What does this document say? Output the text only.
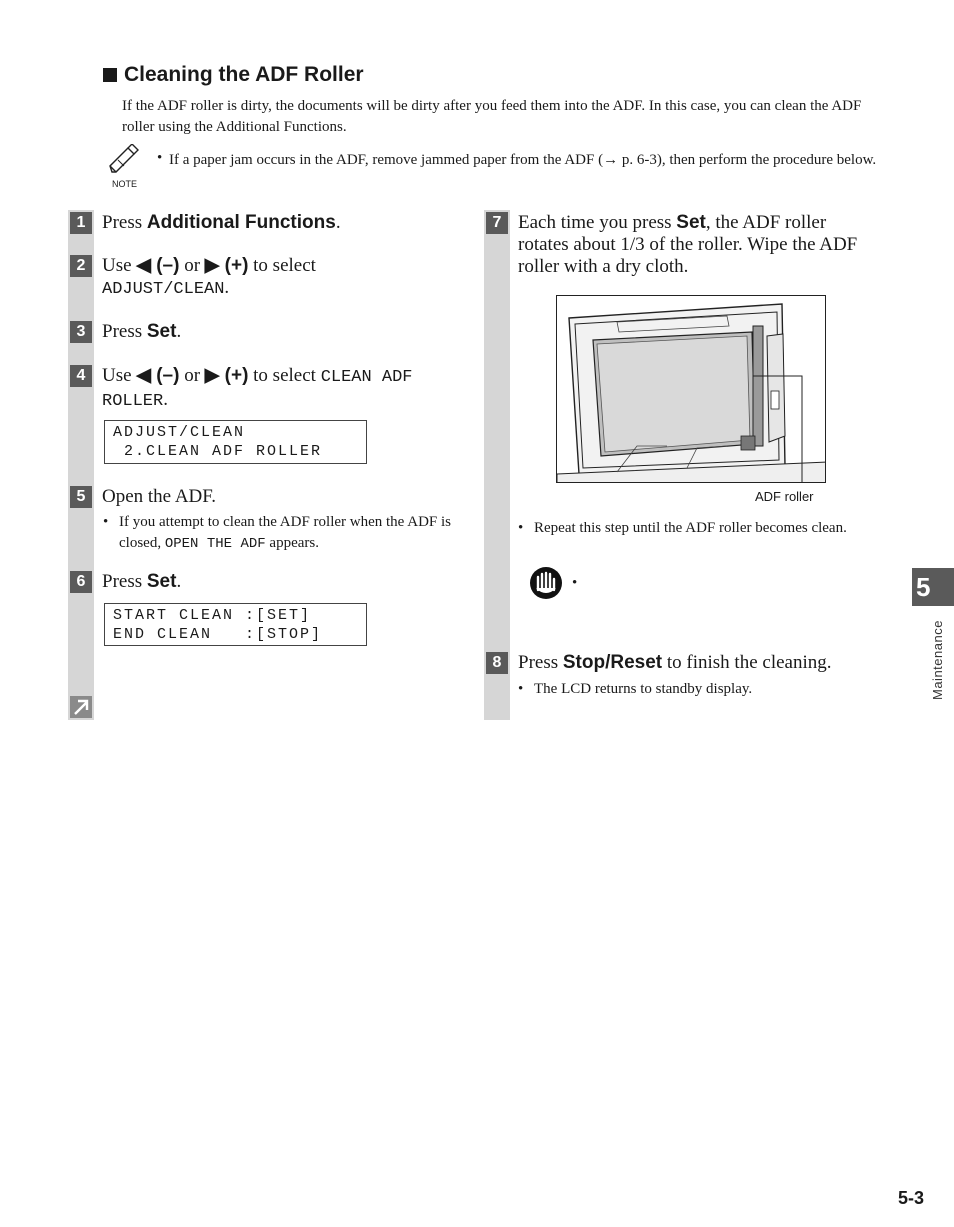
Cleaning the ADF Roller
If the ADF roller is dirty, the documents will be dirty after you feed them into the ADF. In this case, you can clean the ADF roller using the Additional Functions.
NOTE
• If a paper jam occurs in the ADF, remove jammed paper from the ADF (→ p. 6-3), then perform the procedure below.
1 Press Additional Functions.
2 Use ◀ (–) or ▶ (+) to select
ADJUST/CLEAN.
3 Press Set.
4 Use ◀ (–) or ▶ (+) to select CLEAN ADF
ROLLER.
ADJUST/CLEAN
2.CLEAN ADF ROLLER
5 Open the ADF.
• If you attempt to clean the ADF roller when the ADF is closed, OPEN THE ADF appears.
6 Press Set.
START CLEAN :[SET]
END CLEAN   :[STOP]
7 Each time you press Set, the ADF roller rotates about 1/3 of the roller. Wipe the ADF roller with a dry cloth.
ADF roller
• Repeat this step until the ADF roller becomes clean.
•
8 Press Stop/Reset to finish the cleaning.
• The LCD returns to standby display.
5
Maintenance
5-3
